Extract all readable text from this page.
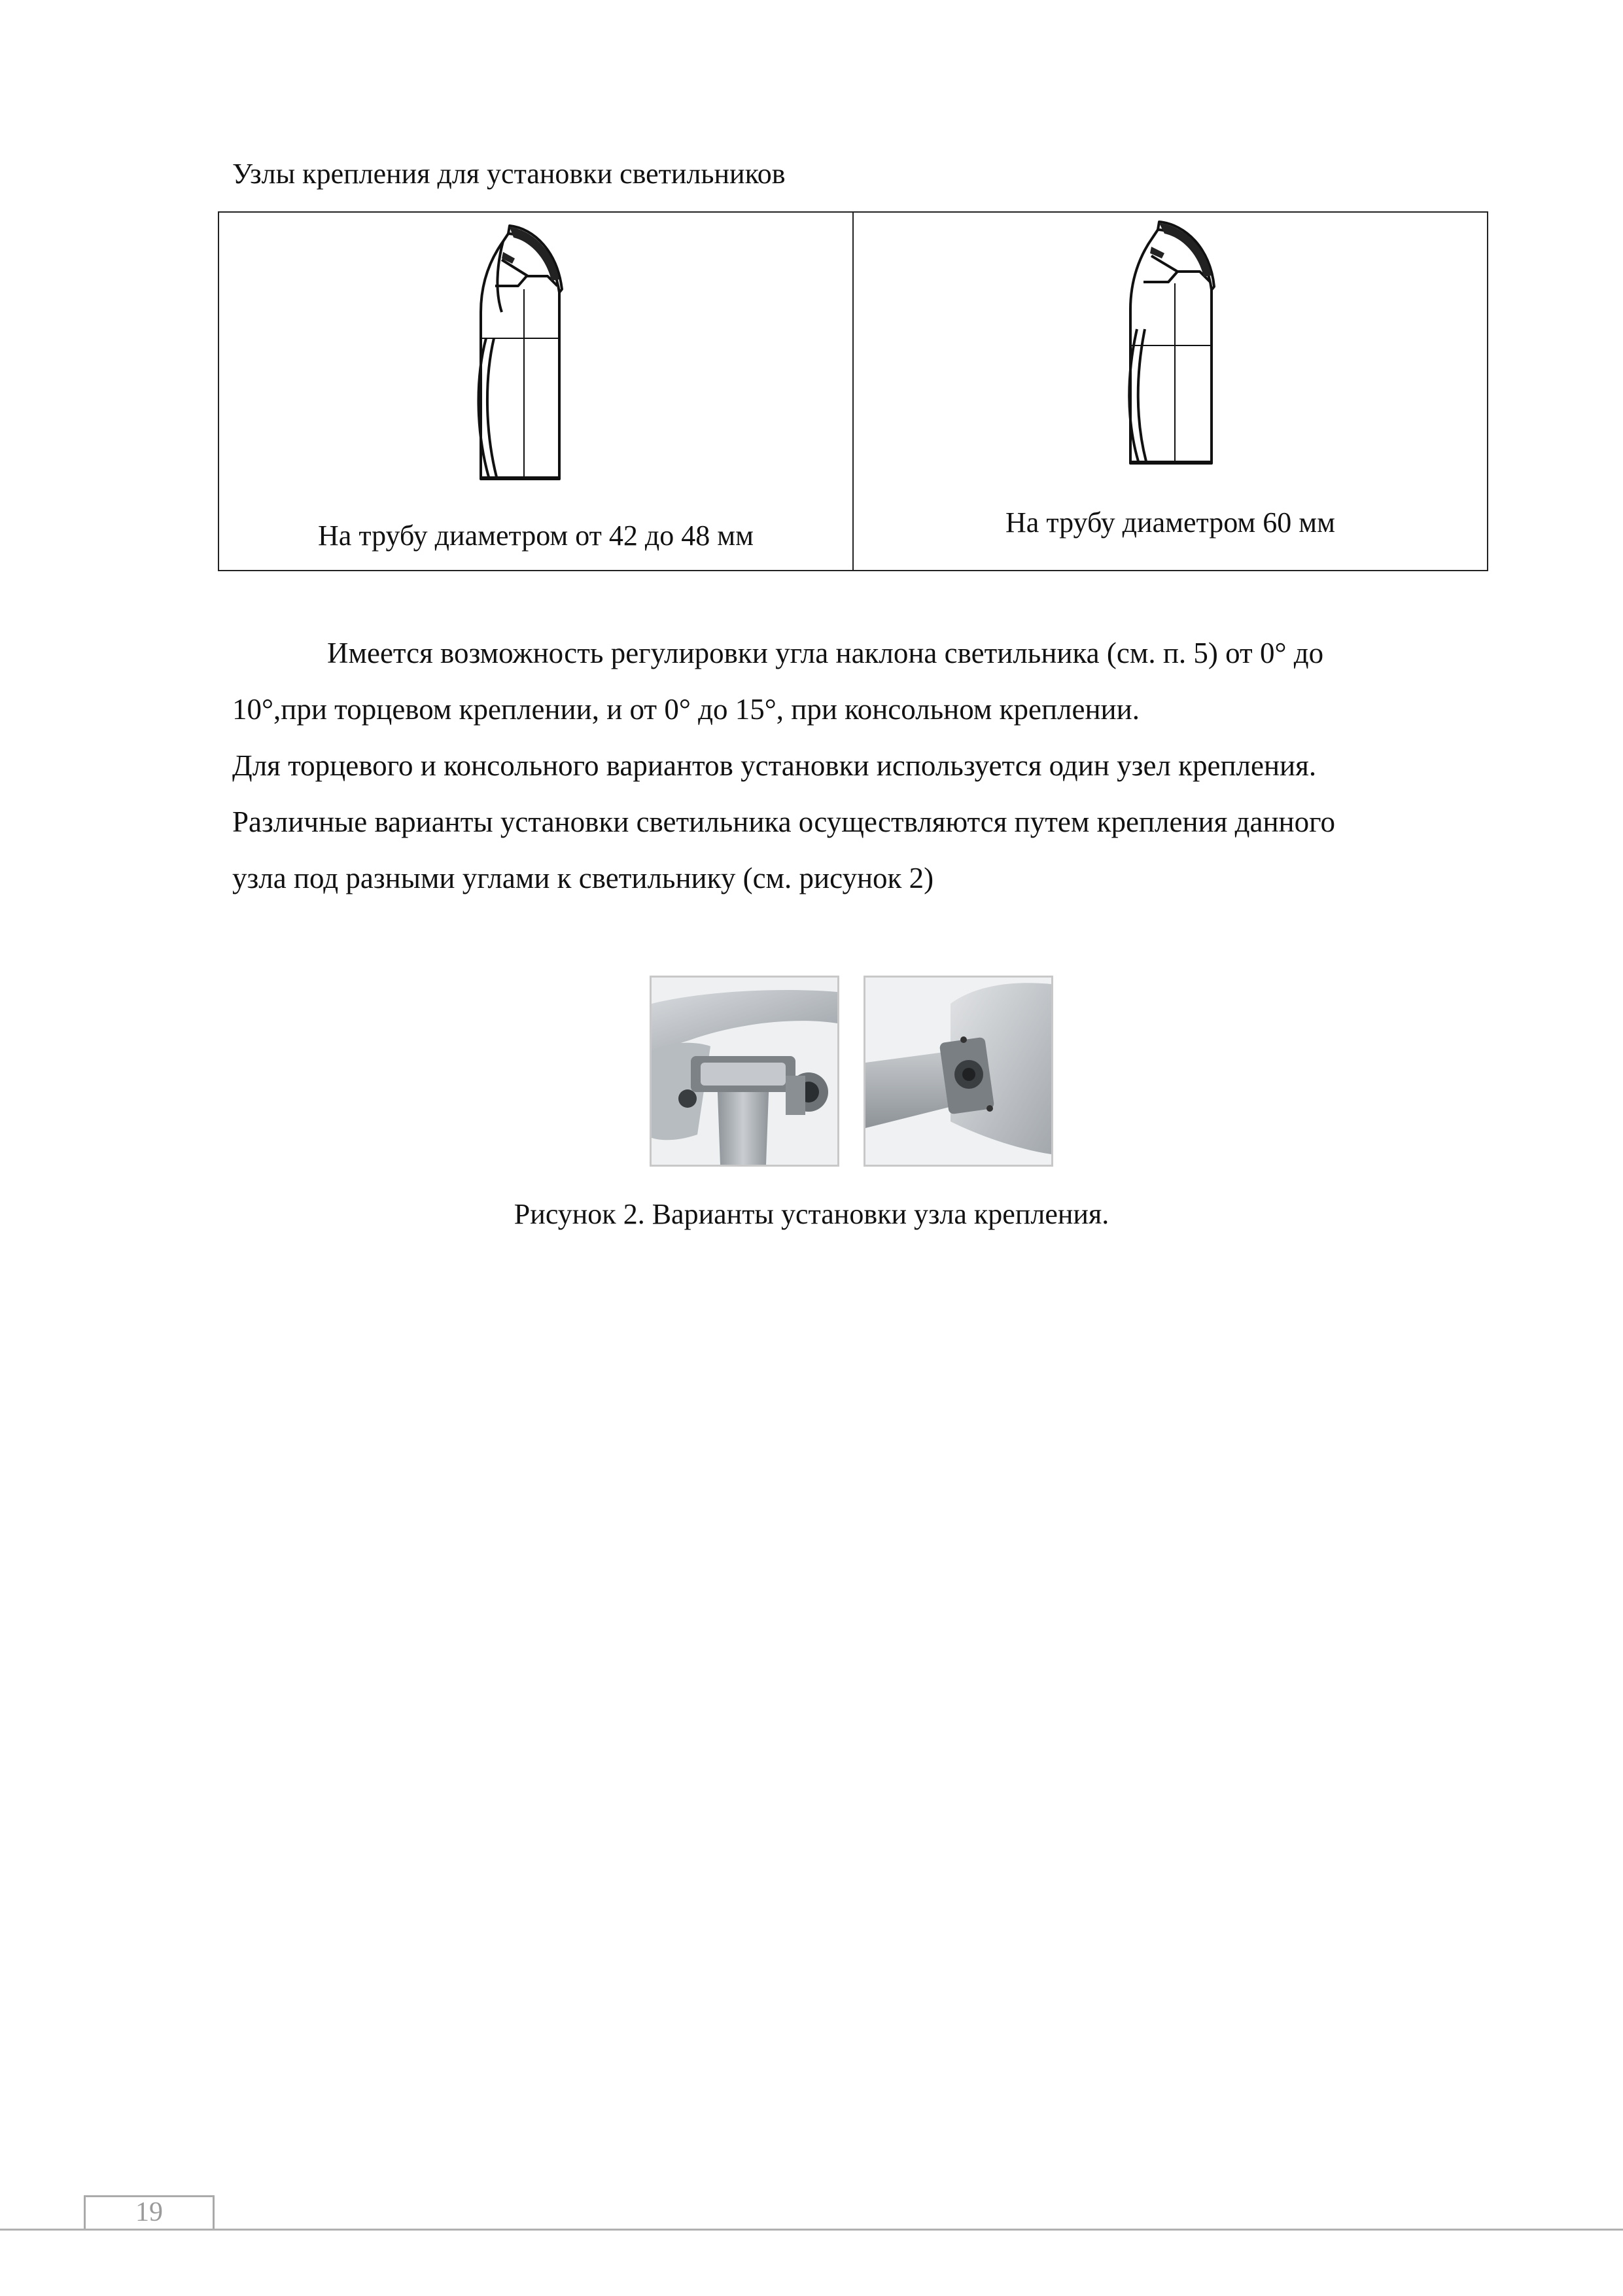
Узлы крепления для установки светильников
На трубу диаметром от 42 до 48 мм	На трубу диаметром 60 мм

Имеется возможность регулировки угла наклона светильника (см. п. 5) от 0° до

10°,при торцевом креплении, и от 0° до 15°, при консольном креплении.

Для торцевого и консольного вариантов установки используется один узел крепления.

Различные варианты установки светильника осуществляются путем крепления данного

узла под разными углами к светильнику (см. рисунок 2)

Рисунок 2. Варианты установки узла крепления.
19
